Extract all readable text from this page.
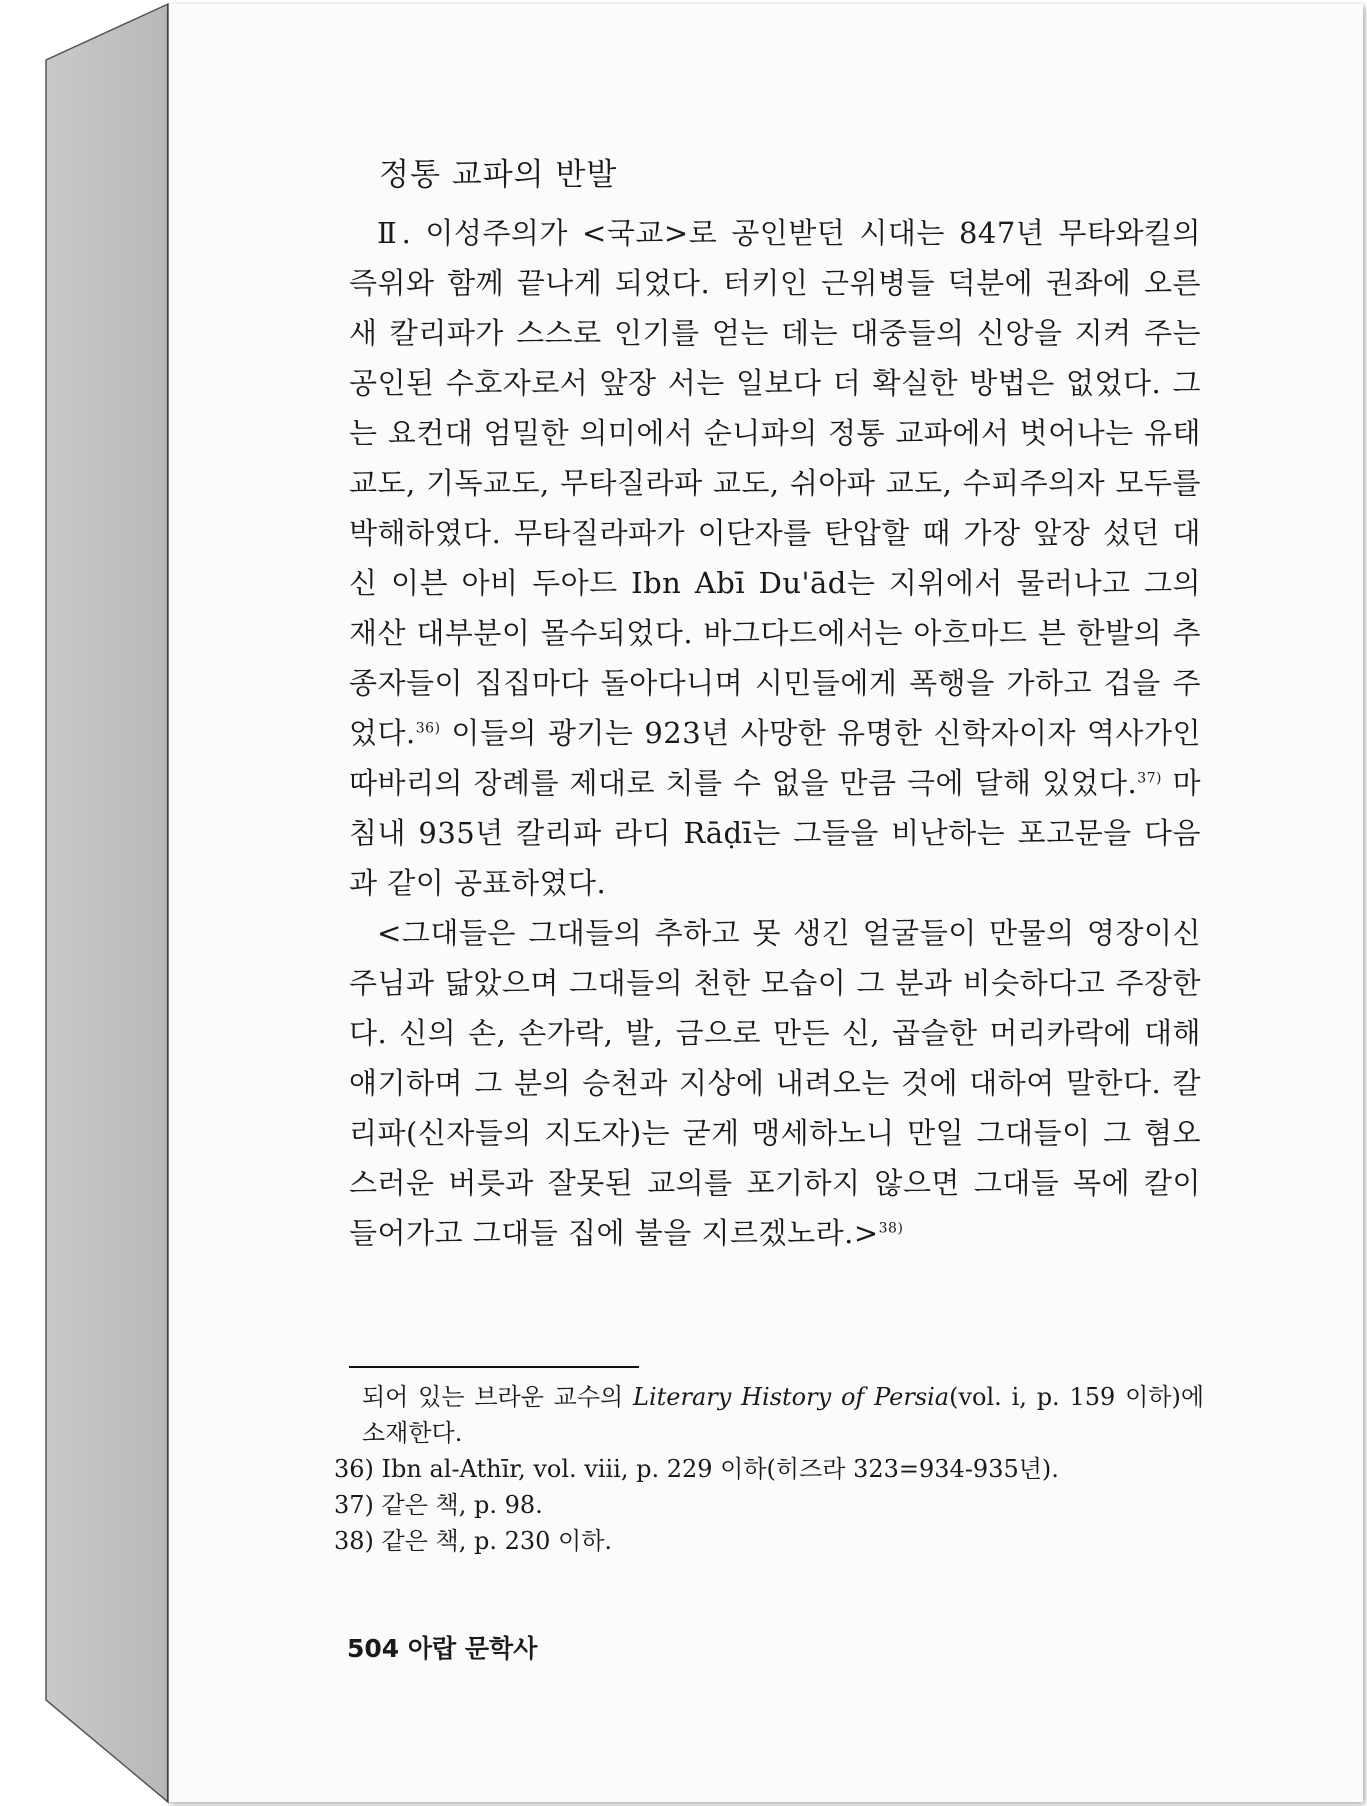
정통 교파의 반발

Ⅱ. 이성주의가 <국교>로 공인받던 시대는 847년 무타와킬의 즉위와 함께 끝나게 되었다. 터키인 근위병들 덕분에 권좌에 오른 새 칼리파가 스스로 인기를 얻는 데는 대중들의 신앙을 지켜 주는 공인된 수호자로서 앞장 서는 일보다 더 확실한 방법은 없었다. 그는 요컨대 엄밀한 의미에서 순니파의 정통 교파에서 벗어나는 유태교도, 기독교도, 무타질라파 교도, 쉬아파 교도, 수피주의자 모두를 박해하였다. 무타질라파가 이단자를 탄압할 때 가장 앞장 섰던 대신 이븐 아비 두아드 Ibn Abī Du'ād는 지위에서 물러나고 그의 재산 대부분이 몰수되었다. 바그다드에서는 아흐마드 븐 한발의 추종자들이 집집마다 돌아다니며 시민들에게 폭행을 가하고 겁을 주었다.$^{36)}$ 이들의 광기는 923년 사망한 유명한 신학자이자 역사가인 따바리의 장례를 제대로 치를 수 없을 만큼 극에 달해 있었다.$^{37)}$ 마침내 935년 칼리파 라디 Rāḍī는 그들을 비난하는 포고문을 다음과 같이 공표하였다.

<그대들은 그대들의 추하고 못 생긴 얼굴들이 만물의 영장이신 주님과 닮았으며 그대들의 천한 모습이 그 분과 비슷하다고 주장한다. 신의 손, 손가락, 발, 금으로 만든 신, 곱슬한 머리카락에 대해 얘기하며 그 분의 승천과 지상에 내려오는 것에 대하여 말한다. 칼리파(신자들의 지도자)는 굳게 맹세하노니 만일 그대들이 그 혐오스러운 버릇과 잘못된 교의를 포기하지 않으면 그대들 목에 칼이 들어가고 그대들 집에 불을 지르겠노라.>$^{38)}$

되어 있는 브라운 교수의 Literary History of Persia(vol. i, p. 159 이하)에 소재한다.

36) Ibn al-Athīr, vol. ⅷ, p. 229 이하(히즈라 323=934-935년).

37) 같은 책, p. 98.

38) 같은 책, p. 230 이하.

504 아랍 문학사
